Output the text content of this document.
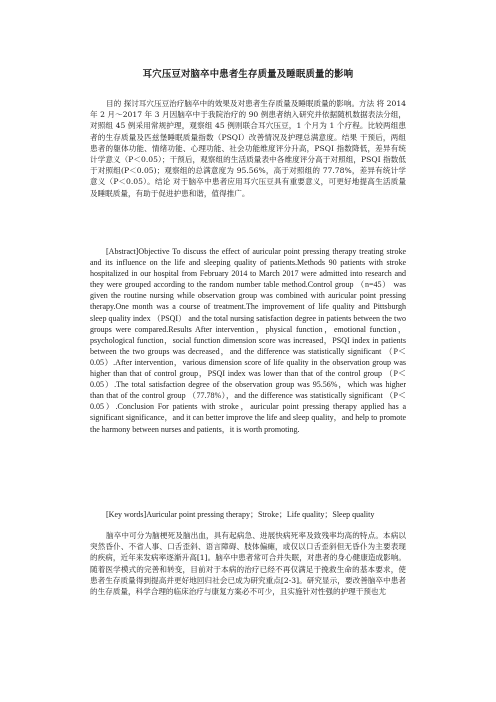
耳穴压豆对脑卒中患者生存质量及睡眠质量的影响
目的 探讨耳穴压豆治疗脑卒中的效果及对患者生存质量及睡眠质量的影响。方法 将 2014 年 2 月～2017 年 3 月因脑卒中于我院治疗的 90 例患者纳入研究并依据随机数据表法分组，对照组 45 例采用常规护理，观察组 45 例则联合耳穴压豆，1 个月为 1 个疗程。比较两组患者的生存质量及匹兹堡睡眠质量指数（PSQI）改善情况及护理总满意度。结果 干预后，两组患者的躯体功能、情绪功能、心理功能、社会功能维度评分升高，PSQI 指数降低，差异有统计学意义（P＜0.05）；干预后，观察组的生活质量表中各维度评分高于对照组，PSQI 指数低于对照组(P＜0.05)；观察组的总满意度为 95.56%，高于对照组的 77.78%，差异有统计学意义（P＜0.05）。结论 对于脑卒中患者应用耳穴压豆具有重要意义，可更好地提高生活质量及睡眠质量，有助于促进护患和谐，值得推广。
[Abstract]Objective To discuss the effect of auricular point pressing therapy treating stroke and its influence on the life and sleeping quality of patients.Methods 90 patients with stroke hospitalized in our hospital from February 2014 to March 2017 were admitted into research and they were grouped according to the random number table method.Control group （n=45） was given the routine nursing while observation group was combined with auricular point pressing therapy.One month was a course of treatment.The improvement of life quality and Pittsburgh sleep quality index （PSQI） and the total nursing satisfaction degree in patients between the two groups were compared.Results After intervention，physical function，emotional function，psychological function，social function dimension score was increased，PSQI index in patients between the two groups was decreased，and the difference was statistically significant （P＜0.05）.After intervention，various dimension score of life quality in the observation group was higher than that of control group，PSQI index was lower than that of the control group （P＜0.05）.The total satisfaction degree of the observation group was 95.56%，which was higher than that of the control group （77.78%），and the difference was statistically significant （P＜0.05）.Conclusion For patients with stroke，auricular point pressing therapy applied has a significant significance，and it can better improve the life and sleep quality，and help to promote the harmony between nurses and patients，it is worth promoting.
[Key words]Auricular point pressing therapy；Stroke；Life quality；Sleep quality
脑卒中可分为脑梗死及脑出血，具有起病急、进展快病死率及致残率均高的特点。本病以突然昏仆、不省人事、口舌歪斜、语言障碍、肢体偏瘫，或仅以口舌歪斜但无昏仆为主要表现的疾病，近年来发病率逐渐升高[1]。脑卒中患者常可合并失眠，对患者的身心健康造成影响。随着医学模式的完善和转变，目前对于本病的治疗已经不再仅满足于挽救生命的基本要求，使患者生存质量得到提高并更好地回归社会已成为研究重点[2-3]。研究显示，要改善脑卒中患者的生存质量，科学合理的临床治疗与康复方案必不可少，且实施针对性强的护理干预也尤
